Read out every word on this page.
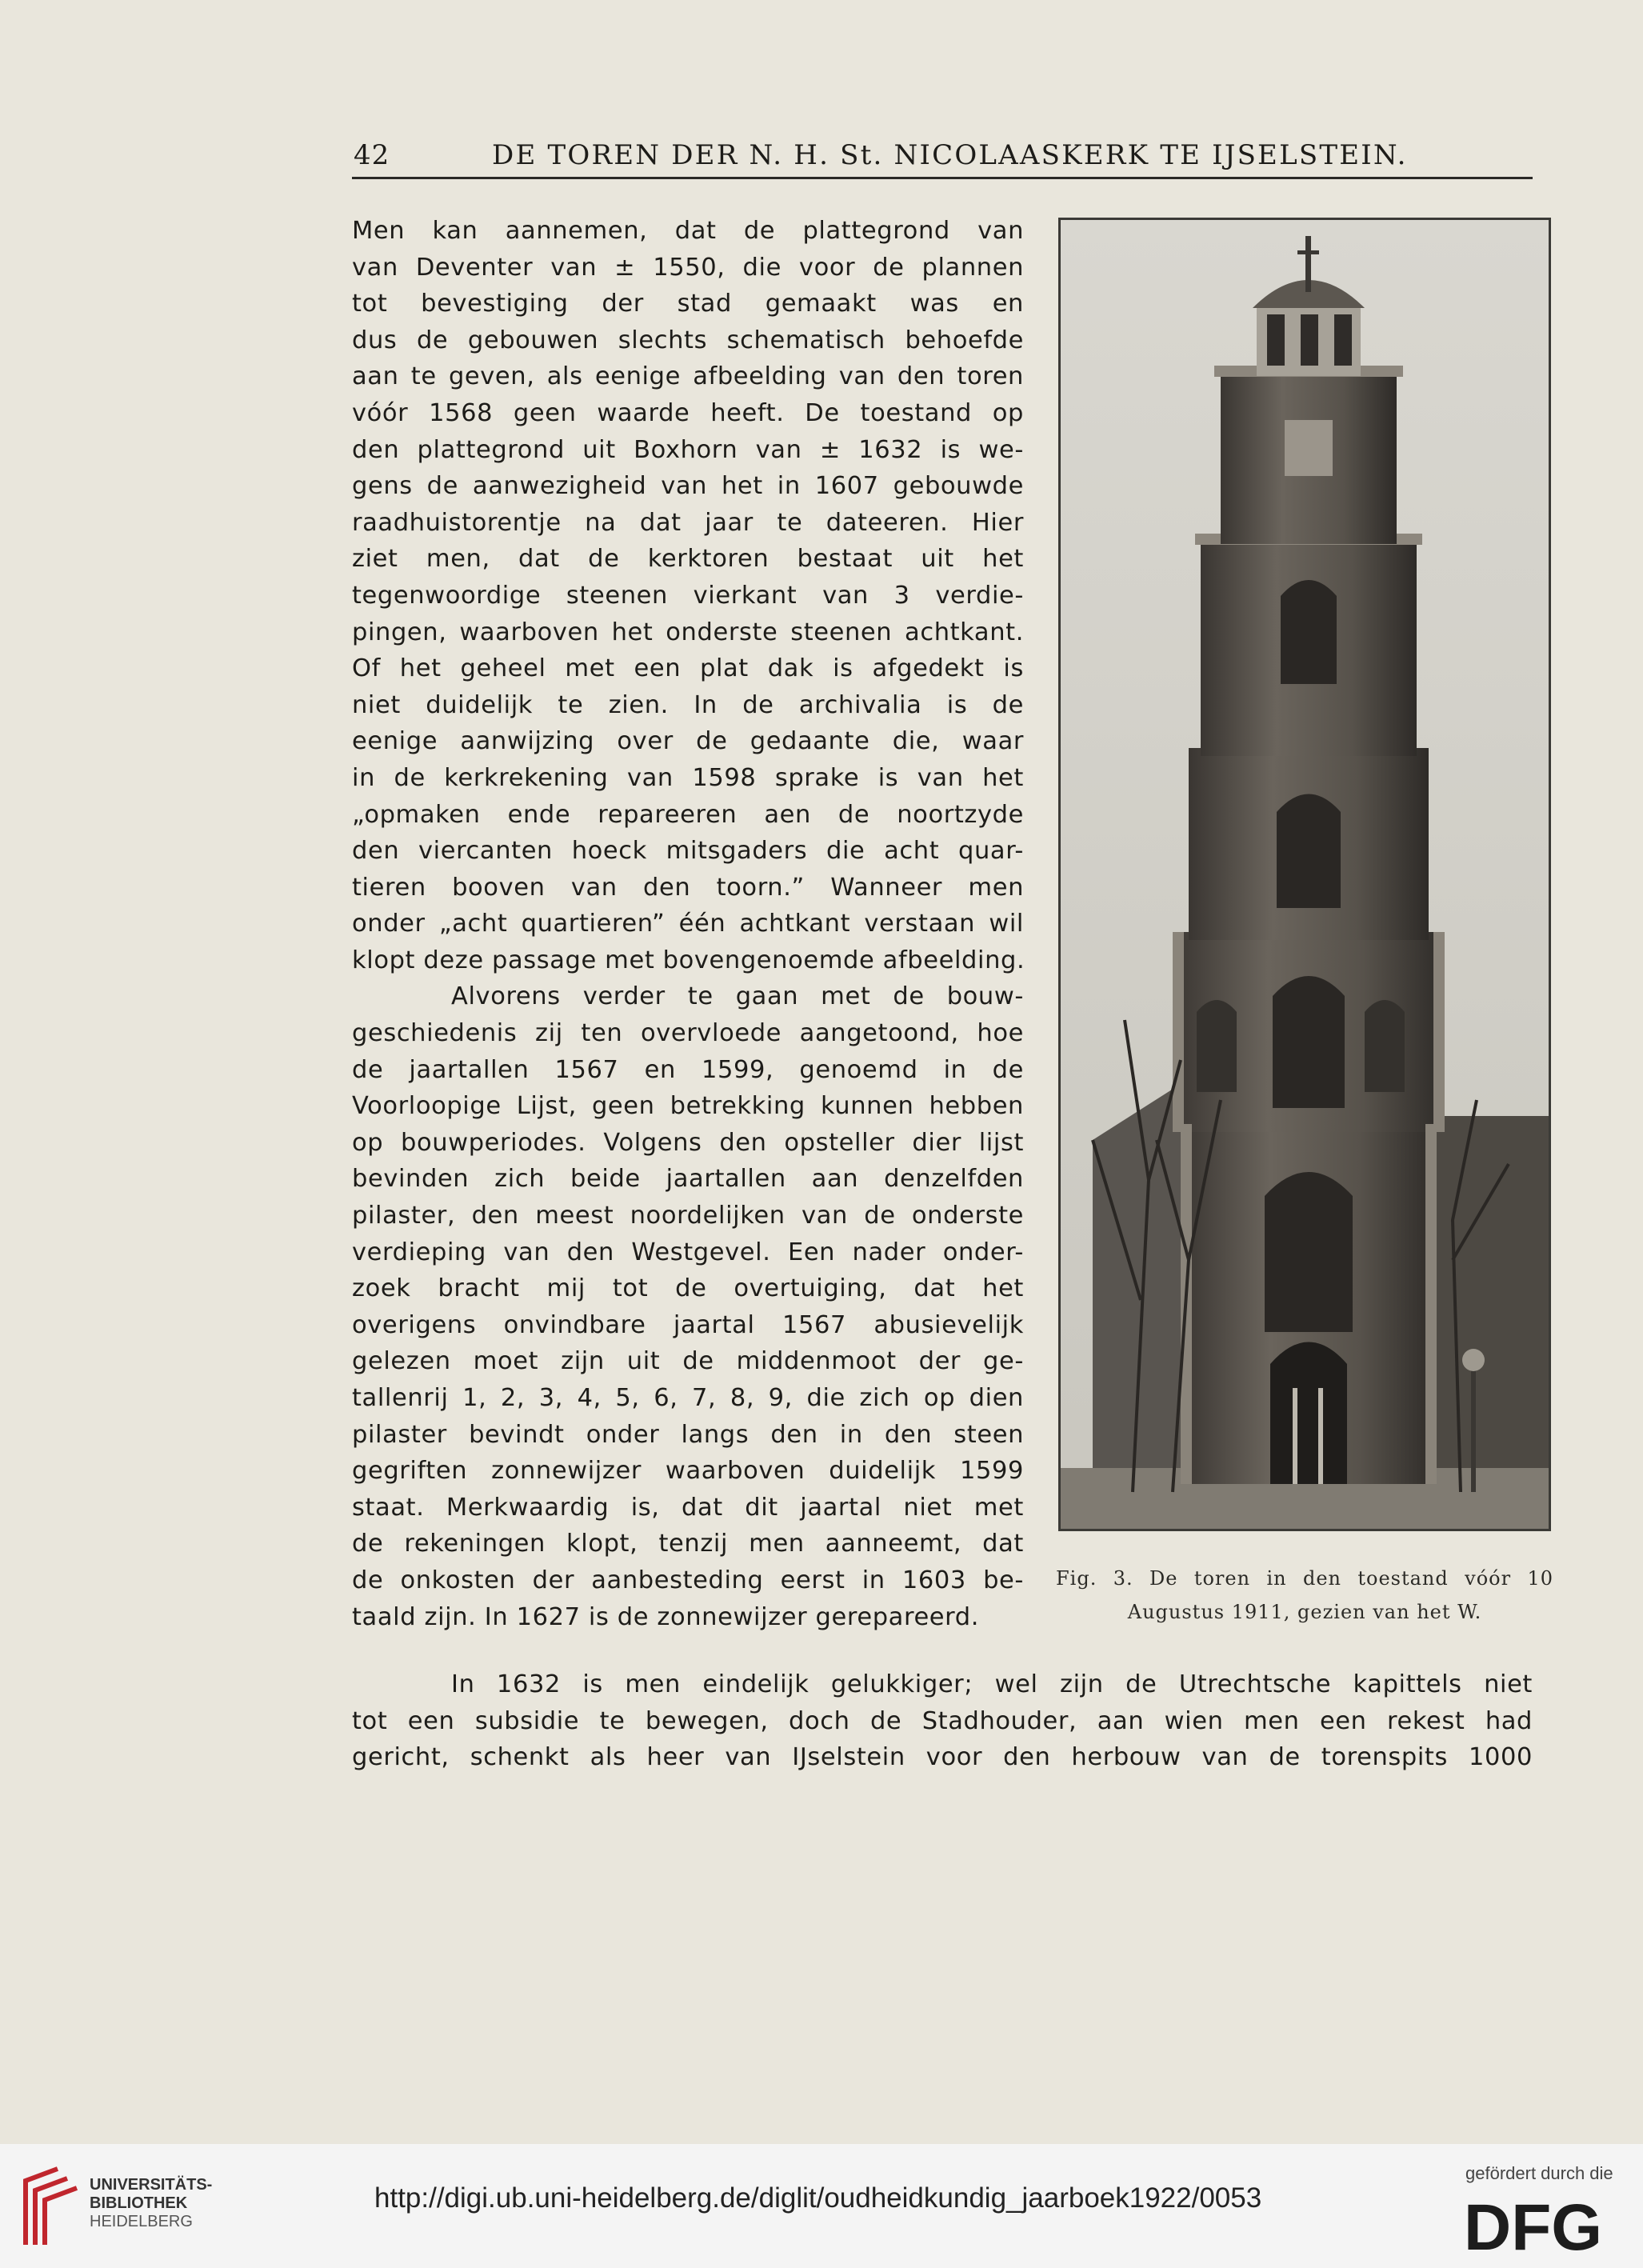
42	DE TOREN DER N. H. St. NICOLAASKERK TE IJSELSTEIN.
Men kan aannemen, dat de plattegrond van
van Deventer van ± 1550, die voor de plannen
tot bevestiging der stad gemaakt was en
dus de gebouwen slechts schematisch behoefde
aan te geven, als eenige afbeelding van den toren
vóór 1568 geen waarde heeft. De toestand op
den plattegrond uit Boxhorn van ± 1632 is we-
gens de aanwezigheid van het in 1607 gebouwde
raadhuistorentje na dat jaar te dateeren. Hier
ziet men, dat de kerktoren bestaat uit het
tegenwoordige steenen vierkant van 3 verdie-
pingen, waarboven het onderste steenen achtkant.
Of het geheel met een plat dak is afgedekt is
niet duidelijk te zien. In de archivalia is de
eenige aanwijzing over de gedaante die, waar
in de kerkrekening van 1598 sprake is van het
„opmaken ende repareeren aen de noortzyde
den viercanten hoeck mitsgaders die acht quar-
tieren booven van den toorn.” Wanneer men
onder „acht quartieren” één achtkant verstaan wil
klopt deze passage met bovengenoemde afbeelding.
Alvorens verder te gaan met de bouw-
geschiedenis zij ten overvloede aangetoond, hoe
de jaartallen 1567 en 1599, genoemd in de
Voorloopige Lijst, geen betrekking kunnen hebben
op bouwperiodes. Volgens den opsteller dier lijst
bevinden zich beide jaartallen aan denzelfden
pilaster, den meest noordelijken van de onderste
verdieping van den Westgevel. Een nader onder-
zoek bracht mij tot de overtuiging, dat het
overigens onvindbare jaartal 1567 abusievelijk
gelezen moet zijn uit de middenmoot der ge-
tallenrij 1, 2, 3, 4, 5, 6, 7, 8, 9, die zich op dien
pilaster bevindt onder langs den in den steen
gegriften zonnewijzer waarboven duidelijk 1599
staat. Merkwaardig is, dat dit jaartal niet met
de rekeningen klopt, tenzij men aanneemt, dat
de onkosten der aanbesteding eerst in 1603 be-
taald zijn. In 1627 is de zonnewijzer gerepareerd.
In 1632 is men eindelijk gelukkiger; wel zijn de Utrechtsche kapittels niet
tot een subsidie te bewegen, doch de Stadhouder, aan wien men een rekest had
gericht, schenkt als heer van IJselstein voor den herbouw van de torenspits 1000
Fig. 3. De toren in den toestand vóór 10
Augustus 1911, gezien van het W.
UNIVERSITÄTS-
BIBLIOTHEK
HEIDELBERG
http://digi.ub.uni-heidelberg.de/diglit/oudheidkundig_jaarboek1922/0053
gefördert durch die
DFG
